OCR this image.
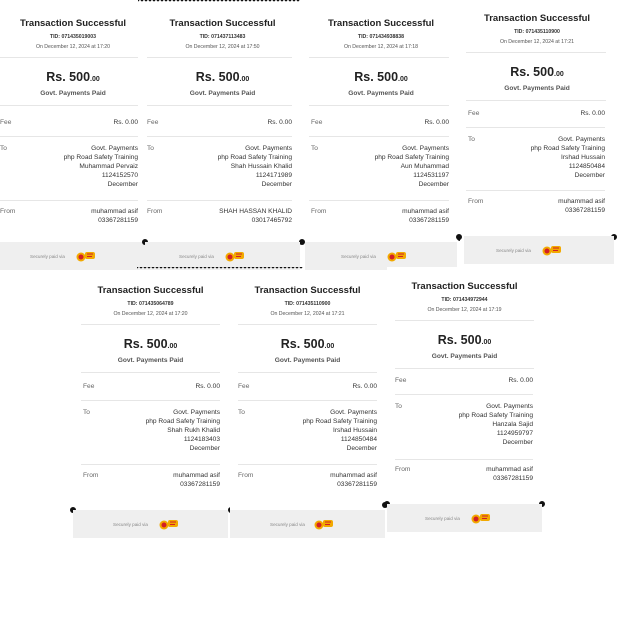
Transaction Successful
TID: 071435019003
On December 12, 2024 at 17:20
Rs. 500.00
Govt. Payments Paid
Fee	Rs. 0.00
To	Govt. Payments
php Road Safety Training
Muhammad Pervaiz
1124152570
December
From	muhammad asif
03367281159
Securely paid via
Transaction Successful
TID: 071437113483
On December 12, 2024 at 17:50
Rs. 500.00
Govt. Payments Paid
Fee	Rs. 0.00
To	Govt. Payments
php Road Safety Training
Shah Hussain Khalid
1124171989
December
From	SHAH HASSAN KHALID
03017465792
Securely paid via
Transaction Successful
TID: 071434938838
On December 12, 2024 at 17:18
Rs. 500.00
Govt. Payments Paid
Fee	Rs. 0.00
To	Govt. Payments
php Road Safety Training
Aun Muhammad
1124531197
December
From	muhammad asif
03367281159
Securely paid via
Transaction Successful
TID: 071435110900
On December 12, 2024 at 17:21
Rs. 500.00
Govt. Payments Paid
Fee	Rs. 0.00
To	Govt. Payments
php Road Safety Training
Irshad Hussain
1124850484
December
From	muhammad asif
03367281159
Securely paid via
Transaction Successful
TID: 071435064789
On December 12, 2024 at 17:20
Rs. 500.00
Govt. Payments Paid
Fee	Rs. 0.00
To	Govt. Payments
php Road Safety Training
Shah Rukh Khalid
1124183403
December
From	muhammad asif
03367281159
Securely paid via
Transaction Successful
TID: 071435110900
On December 12, 2024 at 17:21
Rs. 500.00
Govt. Payments Paid
Fee	Rs. 0.00
To	Govt. Payments
php Road Safety Training
Irshad Hussain
1124850484
December
From	muhammad asif
03367281159
Securely paid via
Transaction Successful
TID: 071434972944
On December 12, 2024 at 17:19
Rs. 500.00
Govt. Payments Paid
Fee	Rs. 0.00
To	Govt. Payments
php Road Safety Training
Hanzala Sajid
1124959797
December
From	muhammad asif
03367281159
Securely paid via
